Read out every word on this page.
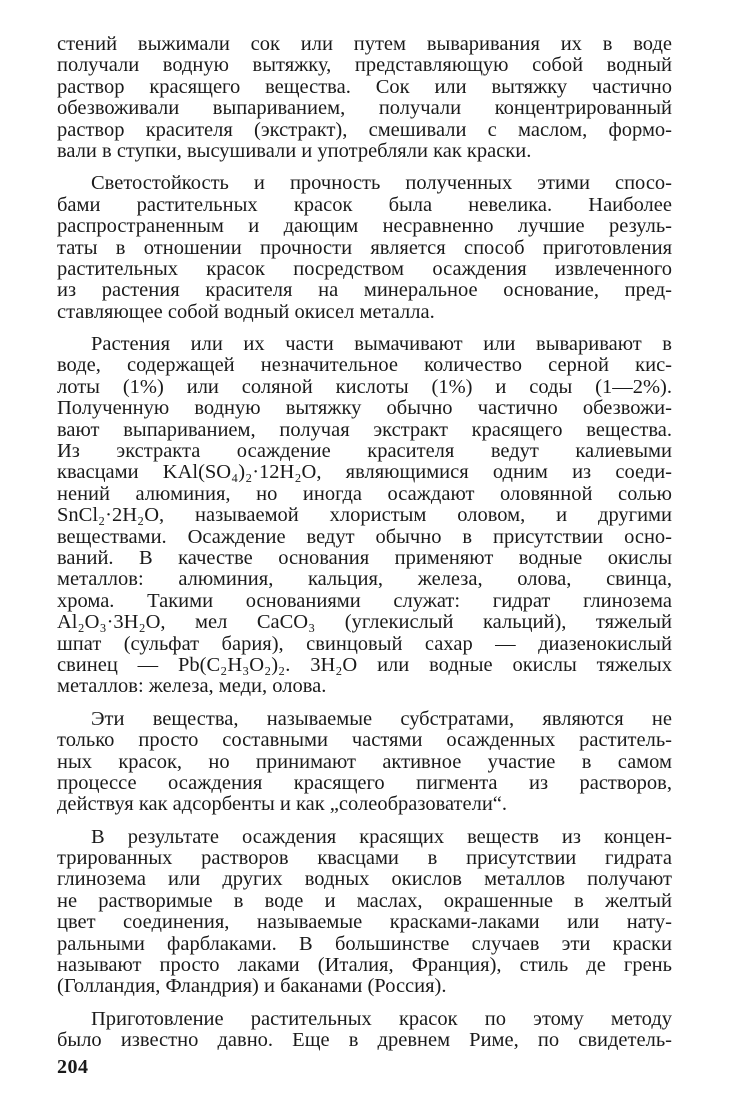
стений выжимали сок или путем вываривания их в воде
получали водную вытяжку, представляющую собой водный
раствор красящего вещества. Сок или вытяжку частично
обезвоживали выпариванием, получали концентрированный
раствор красителя (экстракт), смешивали с маслом, формо-
вали в ступки, высушивали и употребляли как краски.
Светостойкость и прочность полученных этими спосо-
бами растительных красок была невелика. Наиболее
распространенным и дающим несравненно лучшие резуль-
таты в отношении прочности является способ приготовления
растительных красок посредством осаждения извлеченного
из растения красителя на минеральное основание, пред-
ставляющее собой водный окисел металла.
Растения или их части вымачивают или вываривают в
воде, содержащей незначительное количество серной кис-
лоты (1%) или соляной кислоты (1%) и соды (1—2%).
Полученную водную вытяжку обычно частично обезвожи-
вают выпариванием, получая экстракт красящего вещества.
Из экстракта осаждение красителя ведут калиевыми
квасцами KAl(SO₄)₂·12H₂O, являющимися одним из соеди-
нений алюминия, но иногда осаждают оловянной солью
SnCl₂·2H₂O, называемой хлористым оловом, и другими
веществами. Осаждение ведут обычно в присутствии осно-
ваний. В качестве основания применяют водные окислы
металлов: алюминия, кальция, железа, олова, свинца,
хрома. Такими основаниями служат: гидрат глинозема
Al₂O₃·3H₂O, мел CaCO₃ (углекислый кальций), тяжелый
шпат (сульфат бария), свинцовый сахар — диазенокислый
свинец — Pb(C₂H₃O₂)₂. 3H₂O или водные окислы тяжелых
металлов: железа, меди, олова.
Эти вещества, называемые субстратами, являются не
только просто составными частями осажденных раститель-
ных красок, но принимают активное участие в самом
процессе осаждения красящего пигмента из растворов,
действуя как адсорбенты и как „солеобразователи“.
В результате осаждения красящих веществ из концен-
трированных растворов квасцами в присутствии гидрата
глинозема или других водных окислов металлов получают
не растворимые в воде и маслах, окрашенные в желтый
цвет соединения, называемые красками-лаками или нату-
ральными фарблаками. В большинстве случаев эти краски
называют просто лаками (Италия, Франция), стиль де грень
(Голландия, Фландрия) и баканами (Россия).
Приготовление растительных красок по этому методу
было известно давно. Еще в древнем Риме, по свидетель-
204
